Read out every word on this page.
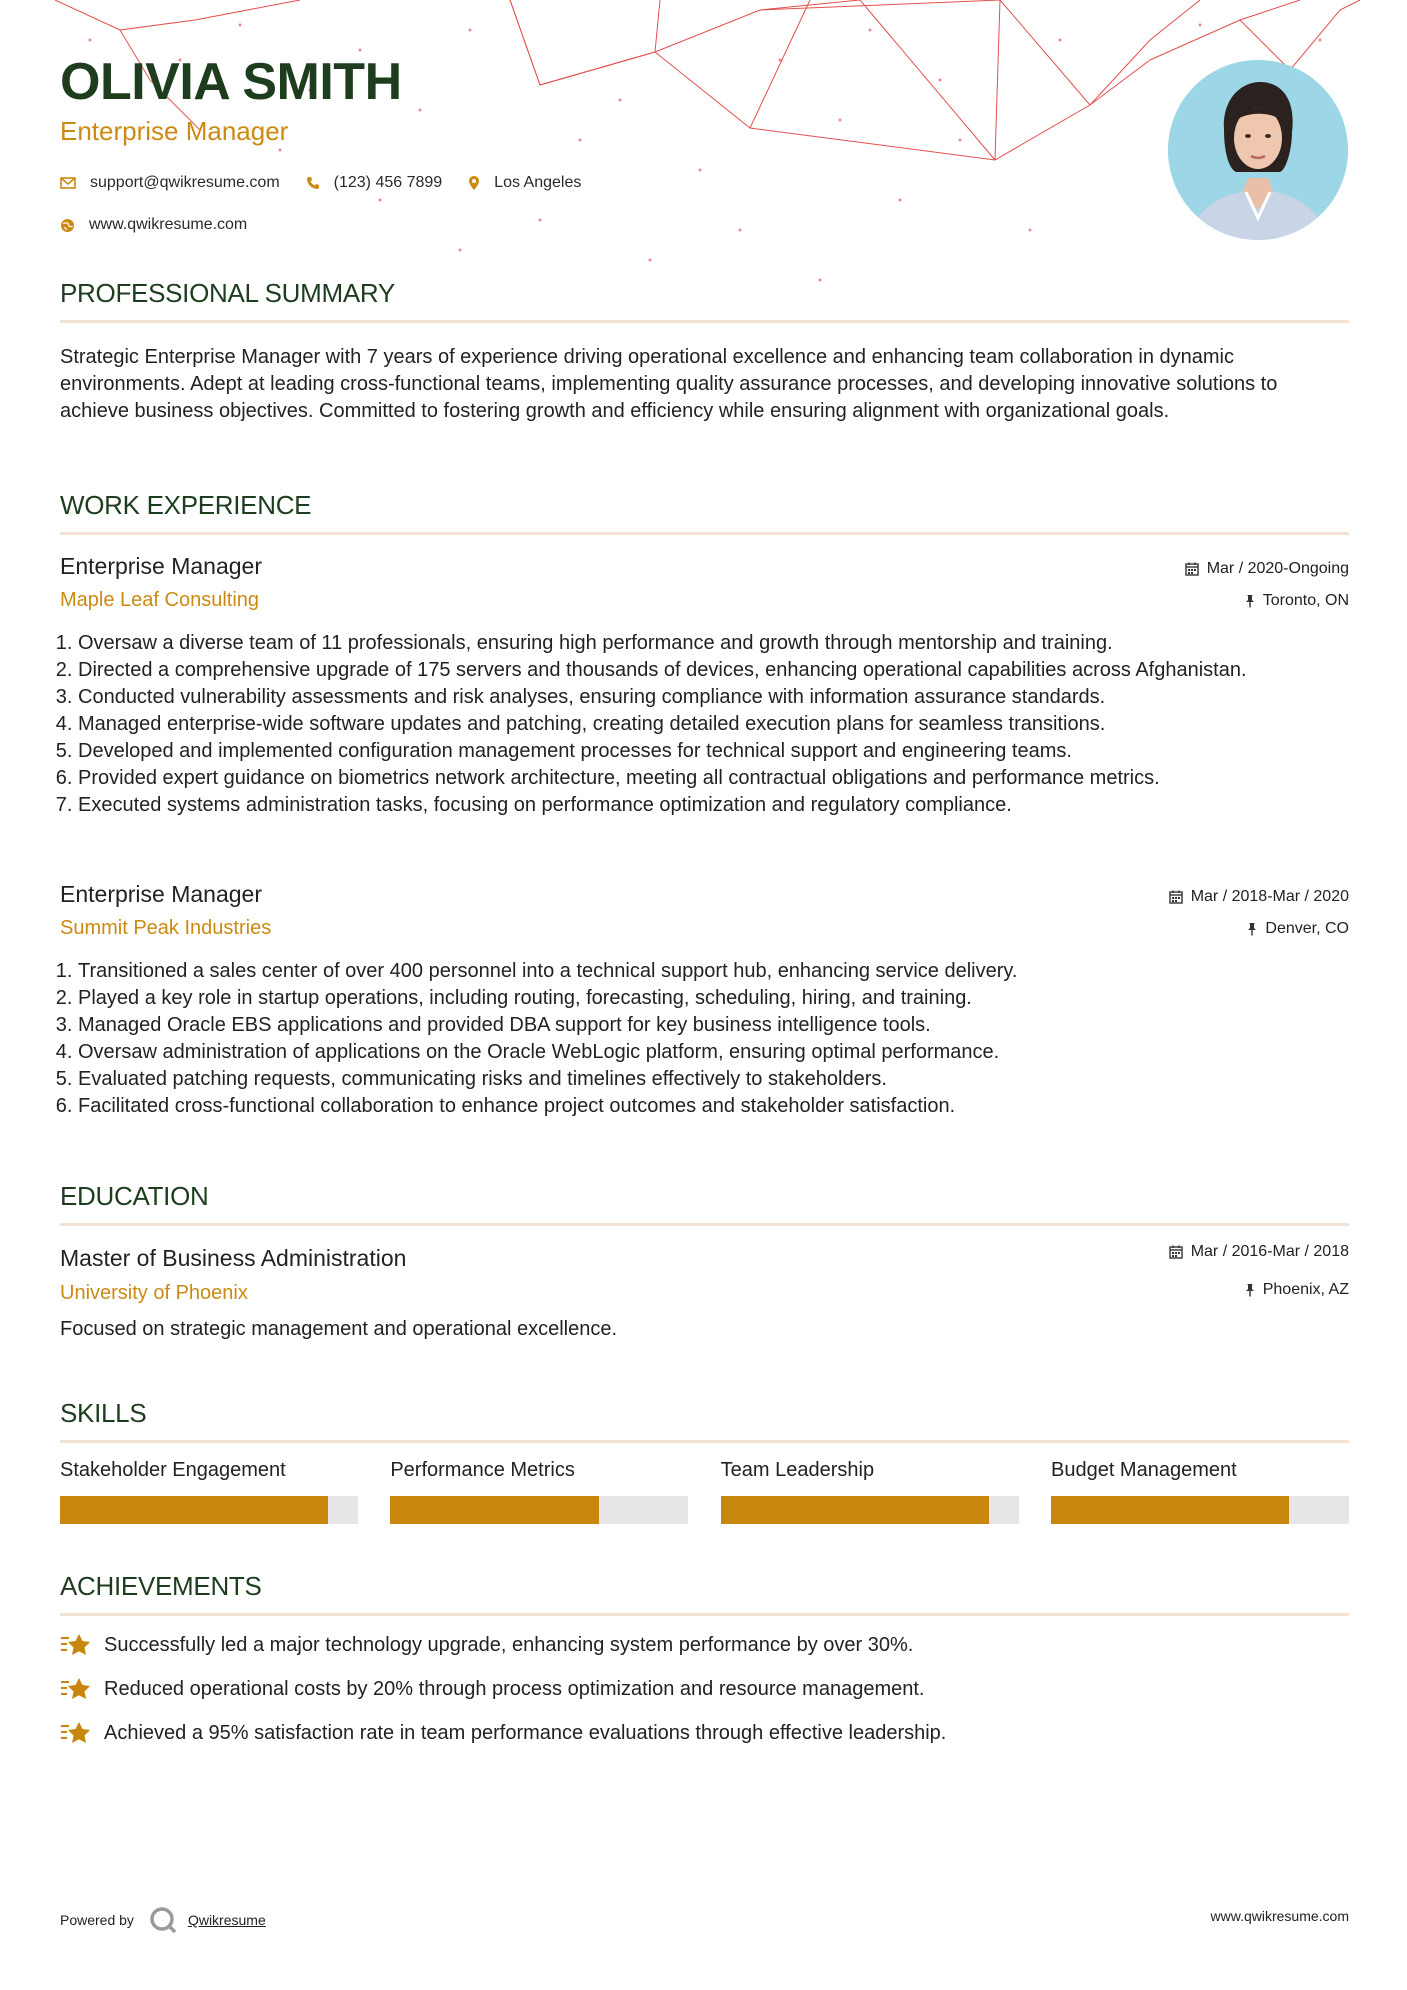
OLIVIA SMITH
Enterprise Manager
support@qwikresume.com	(123) 456 7899	Los Angeles
www.qwikresume.com
PROFESSIONAL SUMMARY
Strategic Enterprise Manager with 7 years of experience driving operational excellence and enhancing team collaboration in dynamic environments. Adept at leading cross-functional teams, implementing quality assurance processes, and developing innovative solutions to achieve business objectives. Committed to fostering growth and efficiency while ensuring alignment with organizational goals.
WORK EXPERIENCE
Enterprise Manager	Mar / 2020-Ongoing
Maple Leaf Consulting	Toronto, ON
1. Oversaw a diverse team of 11 professionals, ensuring high performance and growth through mentorship and training.
2. Directed a comprehensive upgrade of 175 servers and thousands of devices, enhancing operational capabilities across Afghanistan.
3. Conducted vulnerability assessments and risk analyses, ensuring compliance with information assurance standards.
4. Managed enterprise-wide software updates and patching, creating detailed execution plans for seamless transitions.
5. Developed and implemented configuration management processes for technical support and engineering teams.
6. Provided expert guidance on biometrics network architecture, meeting all contractual obligations and performance metrics.
7. Executed systems administration tasks, focusing on performance optimization and regulatory compliance.
Enterprise Manager	Mar / 2018-Mar / 2020
Summit Peak Industries	Denver, CO
1. Transitioned a sales center of over 400 personnel into a technical support hub, enhancing service delivery.
2. Played a key role in startup operations, including routing, forecasting, scheduling, hiring, and training.
3. Managed Oracle EBS applications and provided DBA support for key business intelligence tools.
4. Oversaw administration of applications on the Oracle WebLogic platform, ensuring optimal performance.
5. Evaluated patching requests, communicating risks and timelines effectively to stakeholders.
6. Facilitated cross-functional collaboration to enhance project outcomes and stakeholder satisfaction.
EDUCATION
Master of Business Administration	Mar / 2016-Mar / 2018
University of Phoenix	Phoenix, AZ
Focused on strategic management and operational excellence.
SKILLS
Stakeholder Engagement	Performance Metrics	Team Leadership	Budget Management
ACHIEVEMENTS
Successfully led a major technology upgrade, enhancing system performance by over 30%.
Reduced operational costs by 20% through process optimization and resource management.
Achieved a 95% satisfaction rate in team performance evaluations through effective leadership.
Powered by	Qwikresume	www.qwikresume.com
